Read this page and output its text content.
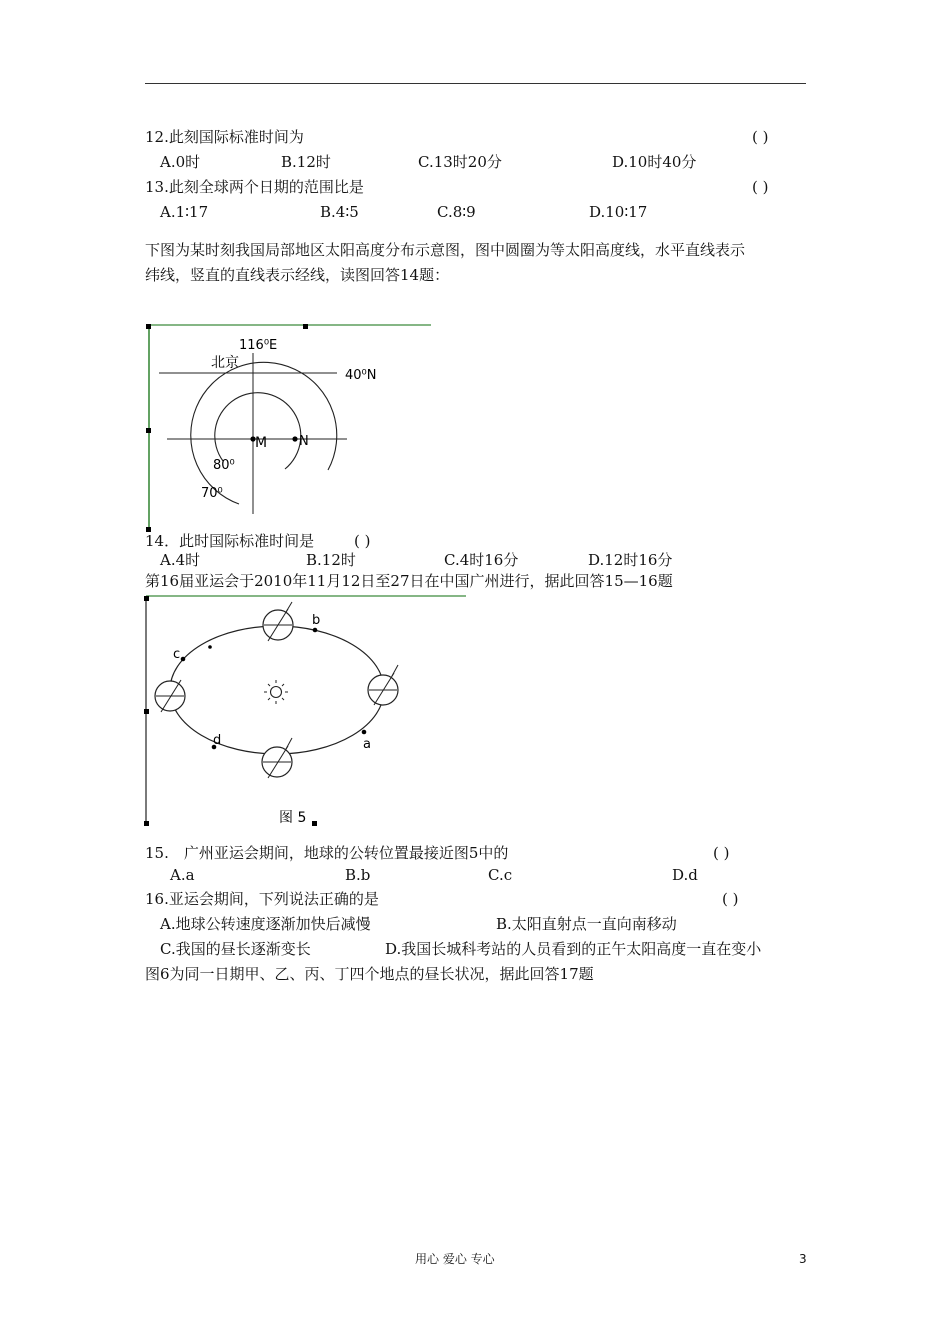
12.此刻国际标准时间为	( )
A.0时	B.12时	C.13时20分	D.10时40分
13.此刻全球两个日期的范围比是	( )
A.1∶17	B.4∶5	C.8∶9	D.10∶17
下图为某时刻我国局部地区太阳高度分布示意图，图中圆圈为等太阳高度线，水平直线表示
纬线，竖直的直线表示经线，读图回答14题：
116⁰E
北京
40⁰N
M N
80⁰
70⁰
14．此时国际标准时间是	( )
A.4时	B.12时	C.4时16分	D.12时16分
第16届亚运会于2010年11月12日至27日在中国广州进行，据此回答15—16题
b
c
d	a
图 5
15.　广州亚运会期间，地球的公转位置最接近图5中的	( )
A.a	B.b	C.c	D.d
16.亚运会期间，下列说法正确的是	( )
A.地球公转速度逐渐加快后减慢	B.太阳直射点一直向南移动
C.我国的昼长逐渐变长	D.我国长城科考站的人员看到的正午太阳高度一直在变小
图6为同一日期甲、乙、丙、丁四个地点的昼长状况，据此回答17题
用心 爱心 专心	3
